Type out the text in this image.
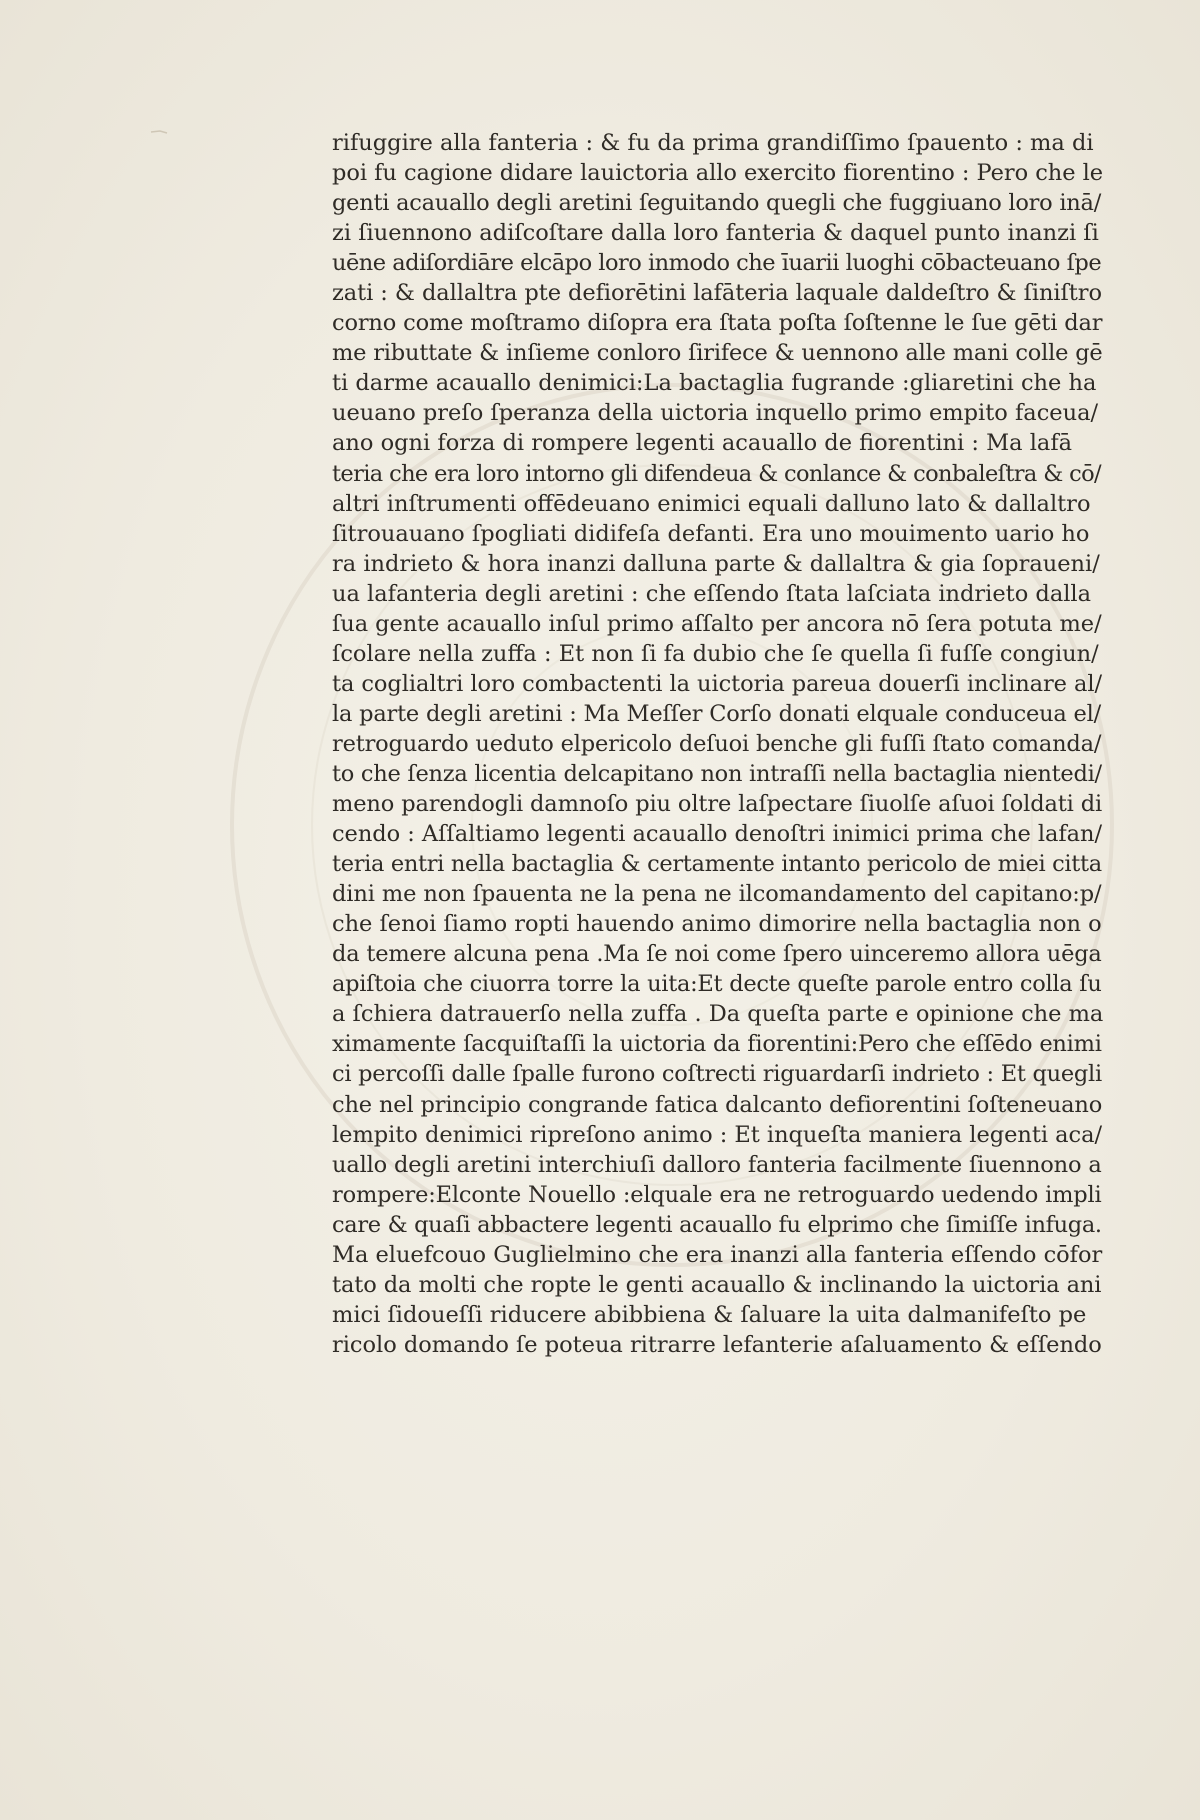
rifuggire alla fanteria : & fu da prima grandiſſimo ſpauento : ma di
poi fu cagione didare lauictoria allo exercito fiorentino : Pero che le
genti acauallo degli aretini ſeguitando quegli che fuggiuano loro inā/
zi ſiuennono adiſcoſtare dalla loro fanteria & daquel punto inanzi ſi
uēne adiſordiāre elcāpo loro inmodo che īuarii luoghi cōbacteuano ſpe
zati : & dallaltra pte defiorētini lafāteria laquale daldeſtro & ſiniſtro
corno come moſtramo diſopra era ſtata poſta ſoſtenne le ſue gēti dar
me ributtate & inſieme conloro ſirifece & uennono alle mani colle gē
ti darme acauallo denimici:La bactaglia fugrande :gliaretini che ha
ueuano preſo ſperanza della uictoria inquello primo empito faceua/
ano ogni forza di rompere legenti acauallo de fiorentini : Ma lafā
teria che era loro intorno gli difendeua & conlance & conbaleſtra & cō/
altri inſtrumenti offēdeuano enimici equali dalluno lato & dallaltro
ſitrouauano ſpogliati didifeſa defanti. Era uno mouimento uario ho
ra indrieto & hora inanzi dalluna parte & dallaltra & gia ſopraueni/
ua lafanteria degli aretini : che eſſendo ſtata laſciata indrieto dalla
ſua gente acauallo inſul primo aſſalto per ancora nō ſera potuta me/
ſcolare nella zuffa : Et non ſi fa dubio che ſe quella ſi fuſſe congiun/
ta coglialtri loro combactenti la uictoria pareua douerſi inclinare al/
la parte degli aretini : Ma Meſſer Corſo donati elquale conduceua el/
retroguardo ueduto elpericolo deſuoi benche gli fuſſi ſtato comanda/
to che ſenza licentia delcapitano non intraſſi nella bactaglia nientedi/
meno parendogli damnoſo piu oltre laſpectare ſiuolſe aſuoi ſoldati di
cendo : Aſſaltiamo legenti acauallo denoſtri inimici prima che lafan/
teria entri nella bactaglia & certamente intanto pericolo de miei citta
dini me non ſpauenta ne la pena ne ilcomandamento del capitano:p/
che ſenoi ſiamo ropti hauendo animo dimorire nella bactaglia non o
da temere alcuna pena .Ma ſe noi come ſpero uinceremo allora uēga
apiſtoia che ciuorra torre la uita:Et decte queſte parole entro colla ſu
a ſchiera datrauerſo nella zuffa . Da queſta parte e opinione che ma
ximamente ſacquiſtaſſi la uictoria da fiorentini:Pero che eſſēdo enimi
ci percoſſi dalle ſpalle furono coſtrecti riguardarſi indrieto : Et quegli
che nel principio congrande fatica dalcanto defiorentini ſoſteneuano
lempito denimici ripreſono animo : Et inqueſta maniera legenti aca/
uallo degli aretini interchiuſi dalloro fanteria facilmente ſiuennono a
rompere:Elconte Nouello :elquale era ne retroguardo uedendo impli
care & quaſi abbactere legenti acauallo fu elprimo che ſimiſſe infuga.
Ma eluefcouo Guglielmino che era inanzi alla fanteria eſſendo cōfor
tato da molti che ropte le genti acauallo & inclinando la uictoria ani
mici ſidoueſſi riducere abibbiena & ſaluare la uita dalmanifeſto pe
ricolo domando ſe poteua ritrarre lefanterie aſaluamento & eſſendo
